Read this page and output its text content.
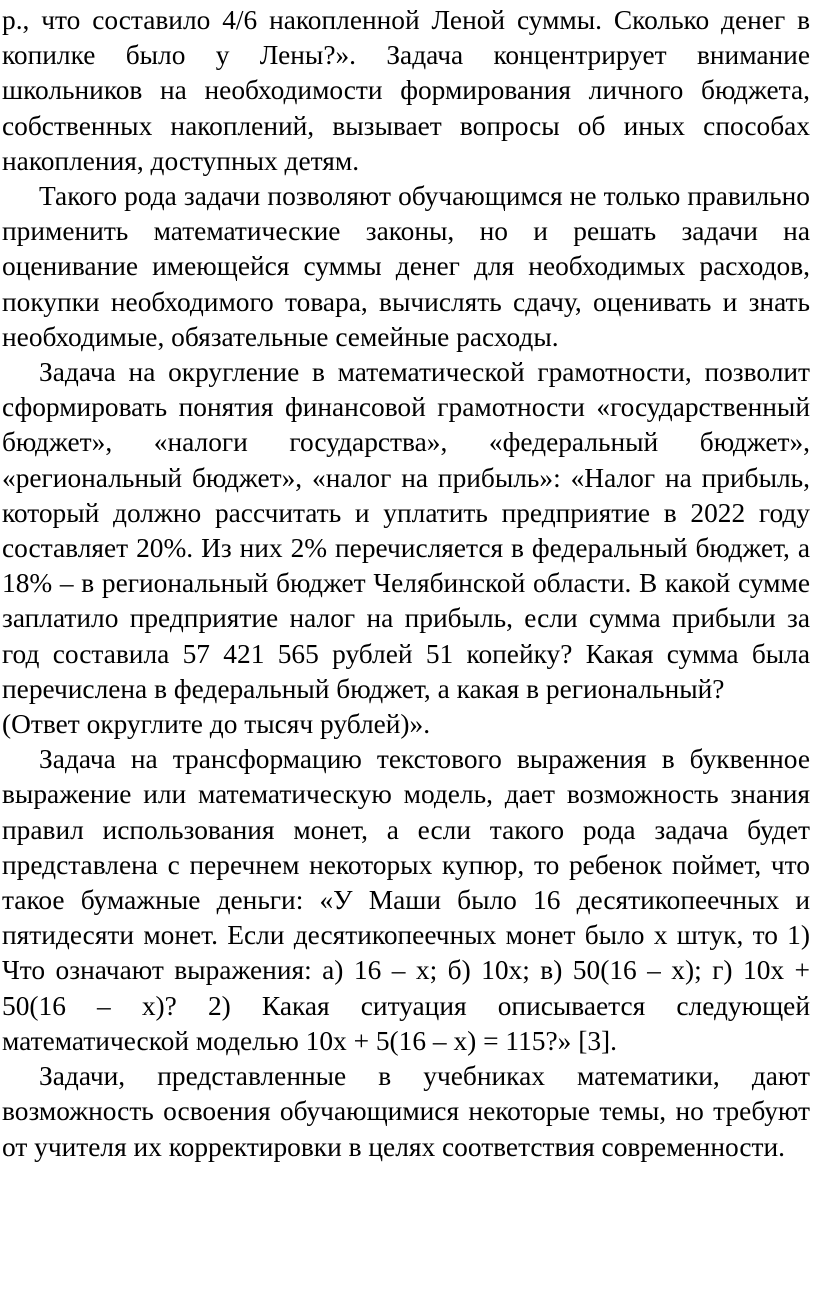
р., что составило 4/6 накопленной Леной суммы. Сколько денег в копилке было у Лены?». Задача концентрирует внимание школьников на необходимости формирования личного бюджета, собственных накоплений, вызывает вопросы об иных способах накопления, доступных детям.

Такого рода задачи позволяют обучающимся не только правильно применить математические законы, но и решать задачи на оценивание имеющейся суммы денег для необходимых расходов, покупки необходимого товара, вычислять сдачу, оценивать и знать необходимые, обязательные семейные расходы.

Задача на округление в математической грамотности, позволит сформировать понятия финансовой грамотности «государственный бюджет», «налоги государства», «федеральный бюджет», «региональный бюджет», «налог на прибыль»: «Налог на прибыль, который должно рассчитать и уплатить предприятие в 2022 году составляет 20%. Из них 2% перечисляется в федеральный бюджет, а 18% – в региональный бюджет Челябинской области. В какой сумме заплатило предприятие налог на прибыль, если сумма прибыли за год составила 57 421 565 рублей 51 копейку? Какая сумма была перечислена в федеральный бюджет, а какая в региональный?
(Ответ округлите до тысяч рублей)».

Задача на трансформацию текстового выражения в буквенное выражение или математическую модель, дает возможность знания правил использования монет, а если такого рода задача будет представлена с перечнем некоторых купюр, то ребенок поймет, что такое бумажные деньги: «У Маши было 16 десятикопеечных и пятидесяти монет. Если десятикопеечных монет было x штук, то 1) Что означают выражения: а) 16 – x; б) 10x; в) 50(16 – x); г) 10x + 50(16 – x)? 2) Какая ситуация описывается следующей математической моделью 10x + 5(16 – x) = 115?» [3].

Задачи, представленные в учебниках математики, дают возможность освоения обучающимися некоторые темы, но требуют от учителя их корректировки в целях соответствия современности.
